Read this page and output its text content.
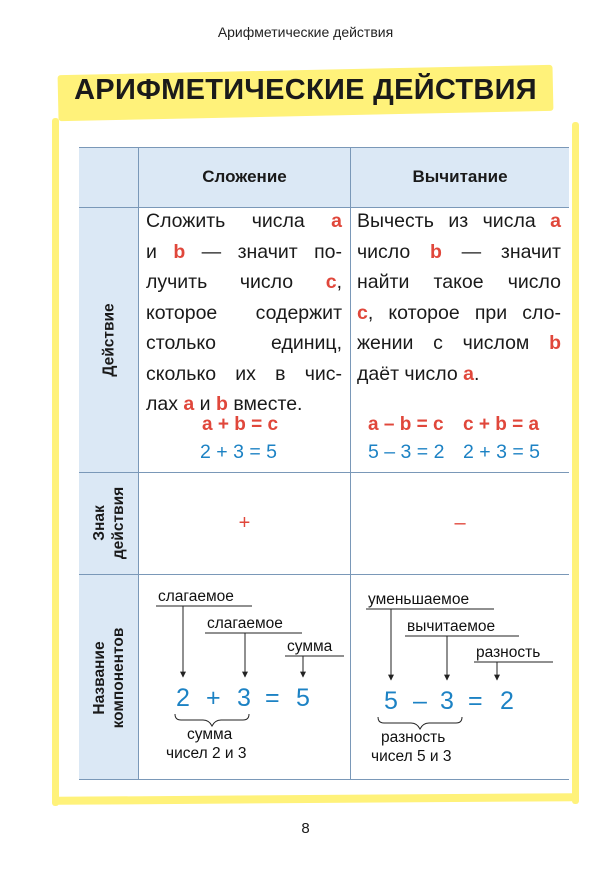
Арифметические действия
АРИФМЕТИЧЕСКИЕ ДЕЙСТВИЯ
Сложение	Вычитание
Действие
Знак действия
Название компонентов
Сложить числа a
и b — значит по-
лучить число c,
которое содержит
столько единиц,
сколько их в чис-
лах a и b вместе.
a + b = c
2 + 3 = 5
Вычесть из числа a
число b — значит
найти такое число
c, которое при сло-
жении с числом b
даёт число a.
a – b = c c + b = a
5 – 3 = 2 2 + 3 = 5
+	–
слагаемое
слагаемое
сумма
2 + 3 = 5
сумма
чисел 2 и 3
уменьшаемое
вычитаемое
разность
5 – 3 = 2
разность
чисел 5 и 3
8
